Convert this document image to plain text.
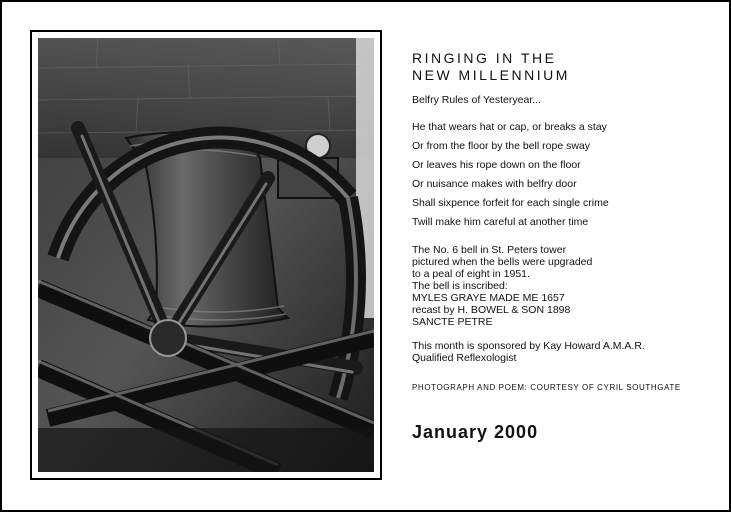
RINGING IN THE
NEW MILLENNIUM
Belfry Rules of Yesteryear...
He that wears hat or cap, or breaks a stay
Or from the floor by the bell rope sway
Or leaves his rope down on the floor
Or nuisance makes with belfry door
Shall sixpence forfeit for each single crime
Twill make him careful at another time
The No. 6 bell in St. Peters tower
pictured when the bells were upgraded
to a peal of eight in 1951.
The bell is inscribed:
MYLES GRAYE MADE ME 1657
recast by H. BOWEL & SON 1898
SANCTE PETRE
This month is sponsored by Kay Howard A.M.A.R.
Qualified Reflexologist
PHOTOGRAPH AND POEM: COURTESY OF CYRIL SOUTHGATE
January 2000
